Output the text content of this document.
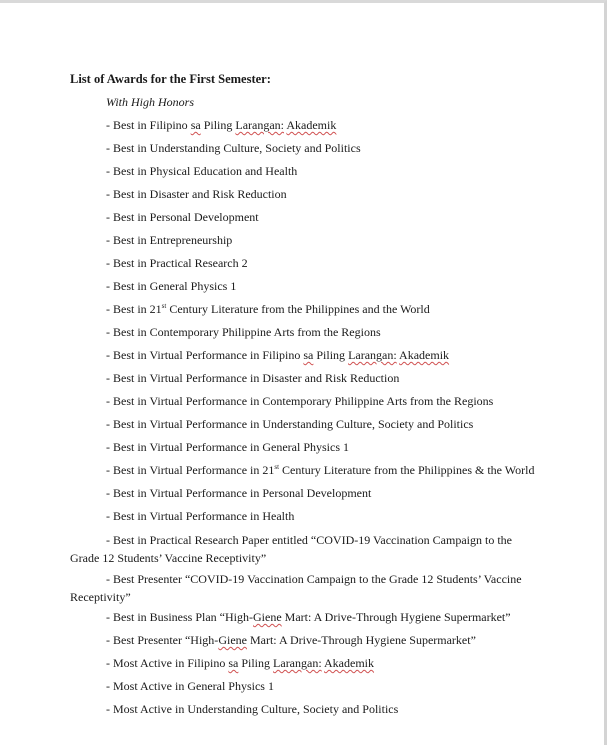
List of Awards for the First Semester:
With High Honors
- Best in Filipino sa Piling Larangan: Akademik
- Best in Understanding Culture, Society and Politics
- Best in Physical Education and Health
- Best in Disaster and Risk Reduction
- Best in Personal Development
- Best in Entrepreneurship
- Best in Practical Research 2
- Best in General Physics 1
- Best in 21st Century Literature from the Philippines and the World
- Best in Contemporary Philippine Arts from the Regions
- Best in Virtual Performance in Filipino sa Piling Larangan: Akademik
- Best in Virtual Performance in Disaster and Risk Reduction
- Best in Virtual Performance in Contemporary Philippine Arts from the Regions
- Best in Virtual Performance in Understanding Culture, Society and Politics
- Best in Virtual Performance in General Physics 1
- Best in Virtual Performance in 21st Century Literature from the Philippines & the World
- Best in Virtual Performance in Personal Development
- Best in Virtual Performance in Health
- Best in Practical Research Paper entitled “COVID-19 Vaccination Campaign to the Grade 12 Students’ Vaccine Receptivity”
- Best Presenter “COVID-19 Vaccination Campaign to the Grade 12 Students’ Vaccine Receptivity”
- Best in Business Plan “High-Giene Mart: A Drive-Through Hygiene Supermarket”
- Best Presenter “High-Giene Mart: A Drive-Through Hygiene Supermarket”
- Most Active in Filipino sa Piling Larangan: Akademik
- Most Active in General Physics 1
- Most Active in Understanding Culture, Society and Politics
